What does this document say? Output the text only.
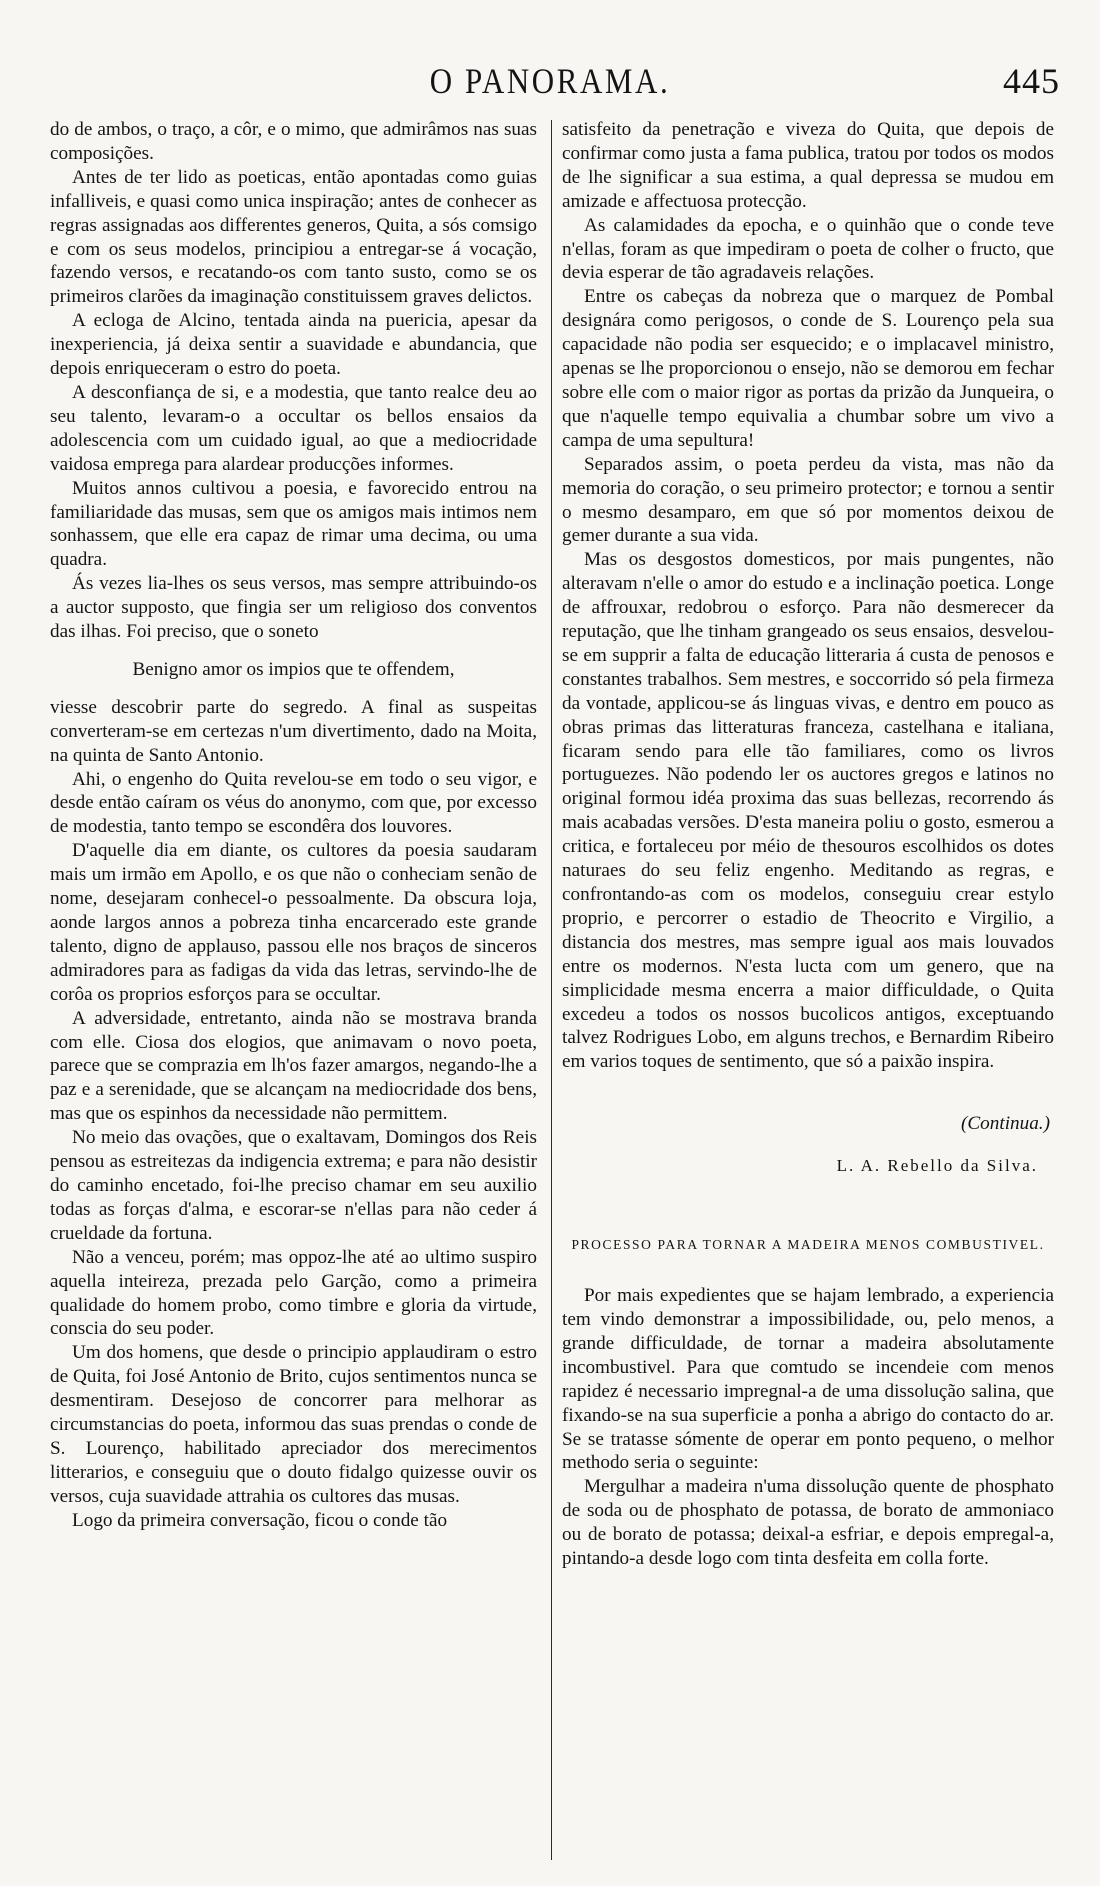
O PANORAMA.	445

do de ambos, o traço, a côr, e o mimo, que admirâmos nas suas composições.

Antes de ter lido as poeticas, então apontadas como guias infalliveis, e quasi como unica inspiração; antes de conhecer as regras assignadas aos differentes generos, Quita, a sós comsigo e com os seus modelos, principiou a entregar-se á vocação, fazendo versos, e recatando-os com tanto susto, como se os primeiros clarões da imaginação constituissem graves delictos.

A ecloga de Alcino, tentada ainda na puericia, apesar da inexperiencia, já deixa sentir a suavidade e abundancia, que depois enriqueceram o estro do poeta.

A desconfiança de si, e a modestia, que tanto realce deu ao seu talento, levaram-o a occultar os bellos ensaios da adolescencia com um cuidado igual, ao que a mediocridade vaidosa emprega para alardear producções informes.

Muitos annos cultivou a poesia, e favorecido entrou na familiaridade das musas, sem que os amigos mais intimos nem sonhassem, que elle era capaz de rimar uma decima, ou uma quadra.

Ás vezes lia-lhes os seus versos, mas sempre attribuindo-os a auctor supposto, que fingia ser um religioso dos conventos das ilhas. Foi preciso, que o soneto

Benigno amor os impios que te offendem,

viesse descobrir parte do segredo. A final as suspeitas converteram-se em certezas n'um divertimento, dado na Moita, na quinta de Santo Antonio.

Ahi, o engenho do Quita revelou-se em todo o seu vigor, e desde então caíram os véus do anonymo, com que, por excesso de modestia, tanto tempo se escondêra dos louvores.

D'aquelle dia em diante, os cultores da poesia saudaram mais um irmão em Apollo, e os que não o conheciam senão de nome, desejaram conhecel-o pessoalmente. Da obscura loja, aonde largos annos a pobreza tinha encarcerado este grande talento, digno de applauso, passou elle nos braços de sinceros admiradores para as fadigas da vida das letras, servindo-lhe de corôa os proprios esforços para se occultar.

A adversidade, entretanto, ainda não se mostrava branda com elle. Ciosa dos elogios, que animavam o novo poeta, parece que se comprazia em lh'os fazer amargos, negando-lhe a paz e a serenidade, que se alcançam na mediocridade dos bens, mas que os espinhos da necessidade não permittem.

No meio das ovações, que o exaltavam, Domingos dos Reis pensou as estreitezas da indigencia extrema; e para não desistir do caminho encetado, foi-lhe preciso chamar em seu auxilio todas as forças d'alma, e escorar-se n'ellas para não ceder á crueldade da fortuna.

Não a venceu, porém; mas oppoz-lhe até ao ultimo suspiro aquella inteireza, prezada pelo Garção, como a primeira qualidade do homem probo, como timbre e gloria da virtude, conscia do seu poder.

Um dos homens, que desde o principio applaudiram o estro de Quita, foi José Antonio de Brito, cujos sentimentos nunca se desmentiram. Desejoso de concorrer para melhorar as circumstancias do poeta, informou das suas prendas o conde de S. Lourenço, habilitado apreciador dos merecimentos litterarios, e conseguiu que o douto fidalgo quizesse ouvir os versos, cuja suavidade attrahia os cultores das musas.

Logo da primeira conversação, ficou o conde tão

satisfeito da penetração e viveza do Quita, que depois de confirmar como justa a fama publica, tratou por todos os modos de lhe significar a sua estima, a qual depressa se mudou em amizade e affectuosa protecção.

As calamidades da epocha, e o quinhão que o conde teve n'ellas, foram as que impediram o poeta de colher o fructo, que devia esperar de tão agradaveis relações.

Entre os cabeças da nobreza que o marquez de Pombal designára como perigosos, o conde de S. Lourenço pela sua capacidade não podia ser esquecido; e o implacavel ministro, apenas se lhe proporcionou o ensejo, não se demorou em fechar sobre elle com o maior rigor as portas da prizão da Junqueira, o que n'aquelle tempo equivalia a chumbar sobre um vivo a campa de uma sepultura!

Separados assim, o poeta perdeu da vista, mas não da memoria do coração, o seu primeiro protector; e tornou a sentir o mesmo desamparo, em que só por momentos deixou de gemer durante a sua vida.

Mas os desgostos domesticos, por mais pungentes, não alteravam n'elle o amor do estudo e a inclinação poetica. Longe de affrouxar, redobrou o esforço. Para não desmerecer da reputação, que lhe tinham grangeado os seus ensaios, desvelou-se em supprir a falta de educação litteraria á custa de penosos e constantes trabalhos. Sem mestres, e soccorrido só pela firmeza da vontade, applicou-se ás linguas vivas, e dentro em pouco as obras primas das litteraturas franceza, castelhana e italiana, ficaram sendo para elle tão familiares, como os livros portuguezes. Não podendo ler os auctores gregos e latinos no original formou idéa proxima das suas bellezas, recorrendo ás mais acabadas versões. D'esta maneira poliu o gosto, esmerou a critica, e fortaleceu por méio de thesouros escolhidos os dotes naturaes do seu feliz engenho. Meditando as regras, e confrontando-as com os modelos, conseguiu crear estylo proprio, e percorrer o estadio de Theocrito e Virgilio, a distancia dos mestres, mas sempre igual aos mais louvados entre os modernos. N'esta lucta com um genero, que na simplicidade mesma encerra a maior difficuldade, o Quita excedeu a todos os nossos bucolicos antigos, exceptuando talvez Rodrigues Lobo, em alguns trechos, e Bernardim Ribeiro em varios toques de sentimento, que só a paixão inspira.

(Continua.)
L. A. Rebello da Silva.
PROCESSO PARA TORNAR A MADEIRA MENOS COMBUSTIVEL.

Por mais expedientes que se hajam lembrado, a experiencia tem vindo demonstrar a impossibilidade, ou, pelo menos, a grande difficuldade, de tornar a madeira absolutamente incombustivel. Para que comtudo se incendeie com menos rapidez é necessario impregnal-a de uma dissolução salina, que fixando-se na sua superficie a ponha a abrigo do contacto do ar. Se se tratasse sómente de operar em ponto pequeno, o melhor methodo seria o seguinte:

Mergulhar a madeira n'uma dissolução quente de phosphato de soda ou de phosphato de potassa, de borato de ammoniaco ou de borato de potassa; deixal-a esfriar, e depois empregal-a, pintando-a desde logo com tinta desfeita em colla forte.
